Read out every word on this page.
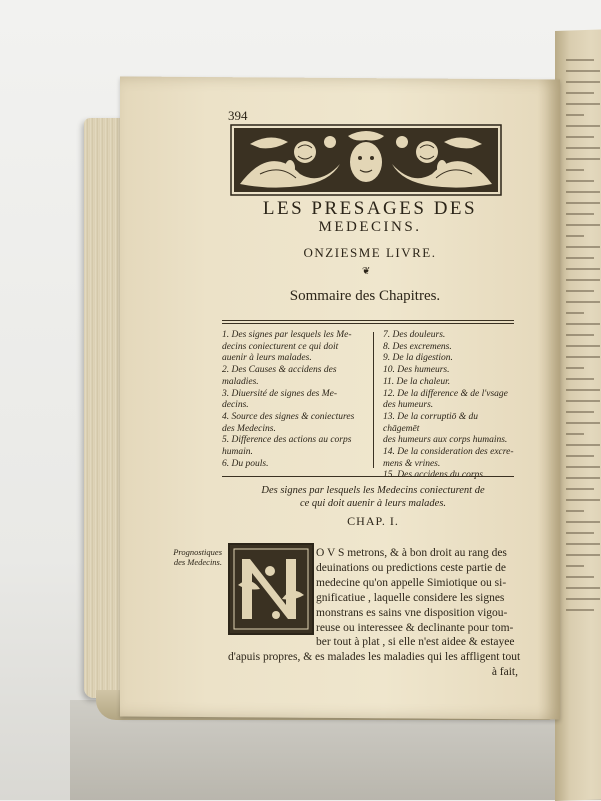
394
LES PRESAGES DES
MEDECINS.
ONZIESME LIVRE.
❦
Sommaire des Chapitres.

1. Des signes par lesquels les Me-

decins coniecturent ce qui doit

auenir à leurs malades.

2. Des Causes & accidens des

maladies.

3. Diuersité de signes des Me-

decins.

4. Source des signes & coniectures

des Medecins.

5. Difference des actions au corps

humain.

6. Du pouls.

7. Des douleurs.

8. Des excremens.

9. De la digestion.

10. Des humeurs.

11. De la chaleur.

12. De la difference & de l'vsage

des humeurs.

13. De la corruptiō & du chāgemēt

des humeurs aux corps humains.

14. De la consideration des excre-

mens & vrines.

Des signes par lesquels les Medecins coniecturent de
ce qui doit auenir à leurs malades.
CHAP. I.
Prognostiques
des Medecins.

O V S metrons, & à bon droit au rang des

deuinations ou predictions ceste partie de

medecine qu'on appelle Simiotique ou si-

gnificatiue , laquelle considere les signes

monstrans es sains vne disposition vigou-

reuse ou interessee & declinante pour tom-

ber tout à plat , si elle n'est aidee & estayee

d'apuis propres, & es malades les maladies qui les affligent tout

à fait,
